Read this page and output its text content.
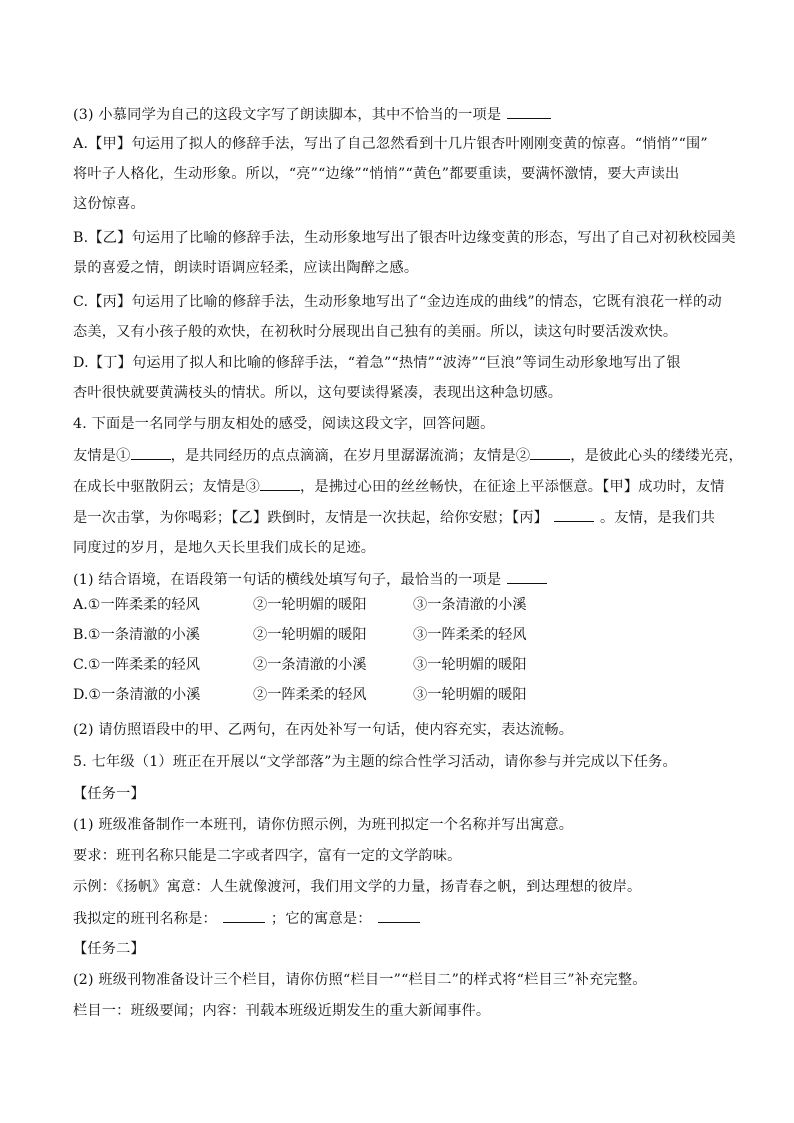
(3) 小慕同学为自己的这段文字写了朗读脚本，其中不恰当的一项是
A.【甲】句运用了拟人的修辞手法，写出了自己忽然看到十几片银杏叶刚刚变黄的惊喜。“悄悄”“围”
将叶子人格化，生动形象。所以，“亮”“边缘”“悄悄”“黄色”都要重读，要满怀激情，要大声读出
这份惊喜。
B.【乙】句运用了比喻的修辞手法，生动形象地写出了银杏叶边缘变黄的形态，写出了自己对初秋校园美
景的喜爱之情，朗读时语调应轻柔，应读出陶醉之感。
C.【丙】句运用了比喻的修辞手法，生动形象地写出了“金边连成的曲线”的情态，它既有浪花一样的动
态美，又有小孩子般的欢快，在初秋时分展现出自己独有的美丽。所以，读这句时要活泼欢快。
D.【丁】句运用了拟人和比喻的修辞手法，“着急”“热情”“波涛”“巨浪”等词生动形象地写出了银
杏叶很快就要黄满枝头的情状。所以，这句要读得紧凑，表现出这种急切感。
4. 下面是一名同学与朋友相处的感受，阅读这段文字，回答问题。
友情是①	，是共同经历的点点滴滴，在岁月里潺潺流淌；友情是②	，是彼此心头的缕缕光亮，
在成长中驱散阴云；友情是③	，是拂过心田的丝丝畅快，在征途上平添惬意。【甲】成功时，友情
是一次击掌，为你喝彩；【乙】跌倒时，友情是一次扶起，给你安慰；【丙】	。友情，是我们共
同度过的岁月，是地久天长里我们成长的足迹。
(1) 结合语境，在语段第一句话的横线处填写句子，最恰当的一项是
A.①一阵柔柔的轻风	②一轮明媚的暖阳	③一条清澈的小溪
B.①一条清澈的小溪	②一轮明媚的暖阳	③一阵柔柔的轻风
C.①一阵柔柔的轻风	②一条清澈的小溪	③一轮明媚的暖阳
D.①一条清澈的小溪	②一阵柔柔的轻风	③一轮明媚的暖阳
(2) 请仿照语段中的甲、乙两句，在丙处补写一句话，使内容充实，表达流畅。
5. 七年级（1）班正在开展以“文学部落”为主题的综合性学习活动，请你参与并完成以下任务。
【任务一】
(1) 班级准备制作一本班刊，请你仿照示例，为班刊拟定一个名称并写出寓意。
要求：班刊名称只能是二字或者四字，富有一定的文学韵味。
示例：《扬帆》寓意：人生就像渡河，我们用文学的力量，扬青春之帆，到达理想的彼岸。
我拟定的班刊名称是：	；它的寓意是：
【任务二】
(2) 班级刊物准备设计三个栏目，请你仿照“栏目一”“栏目二”的样式将“栏目三”补充完整。
栏目一：班级要闻；内容：刊载本班级近期发生的重大新闻事件。
